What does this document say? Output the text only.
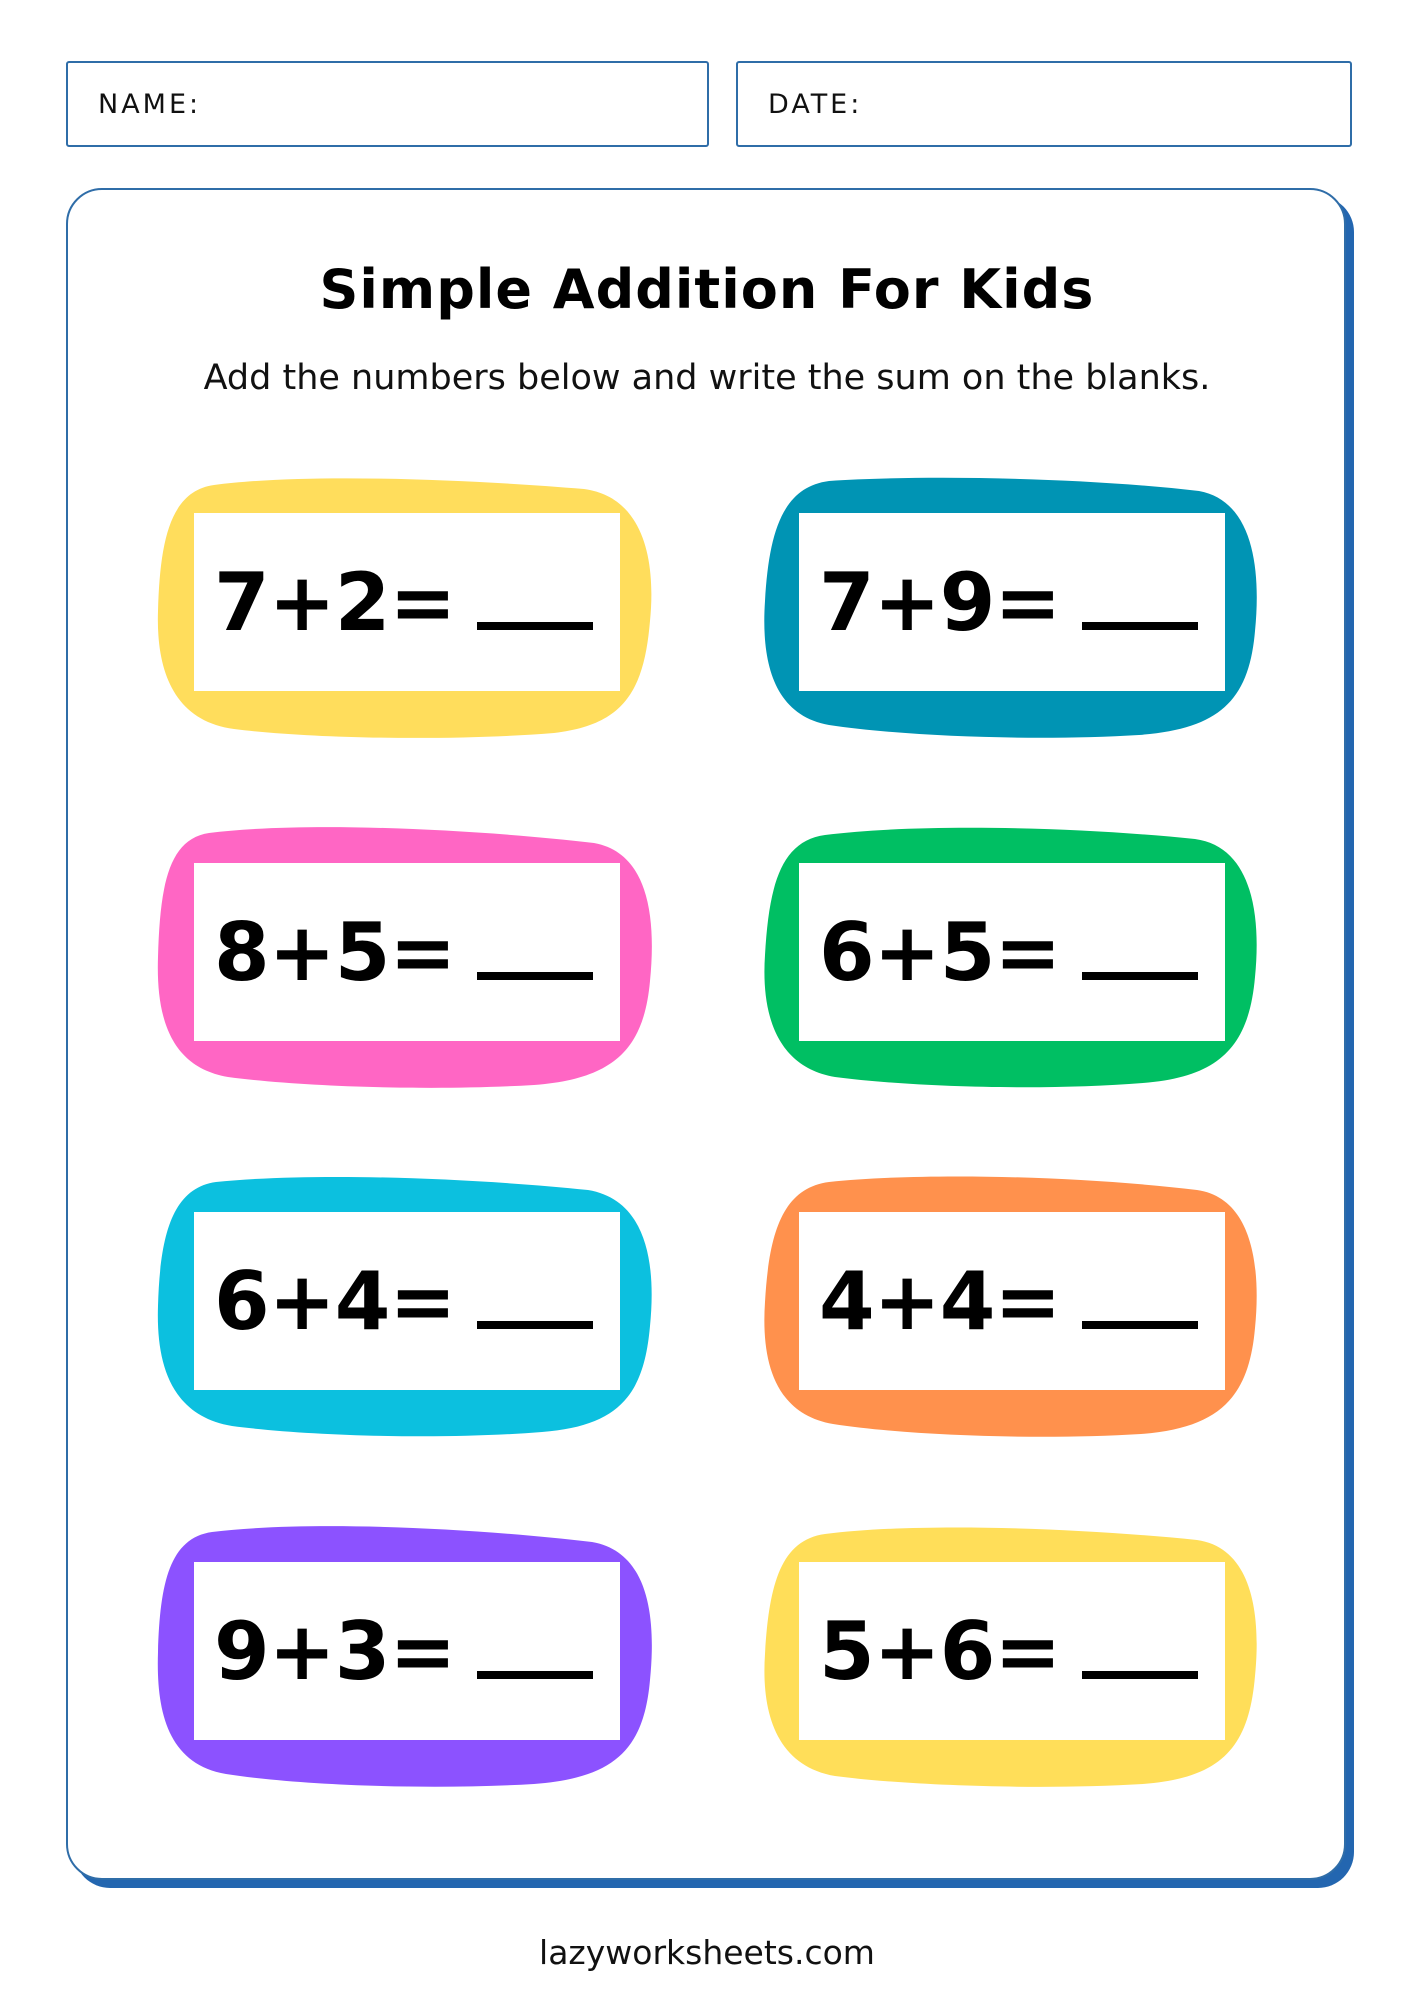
NAME:	DATE:
Simple Addition For Kids
Add the numbers below and write the sum on the blanks.
7+2=	7+9=
8+5=	6+5=
6+4=	4+4=
9+3=	5+6=
lazyworksheets.com
